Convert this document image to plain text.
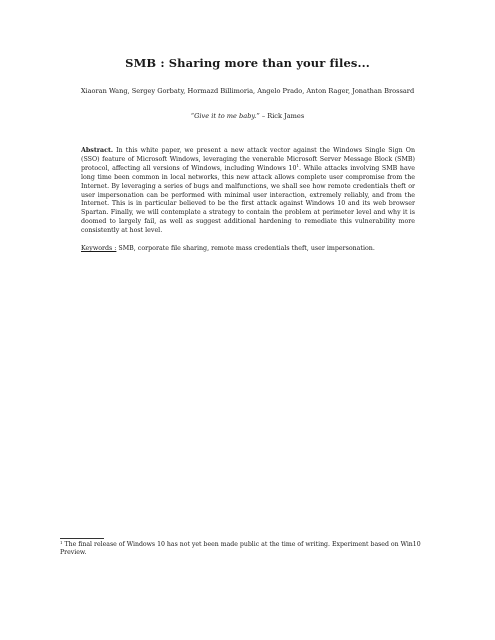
SMB : Sharing more than your files...
Xiaoran Wang, Sergey Gorbaty, Hormazd Billimoria, Angelo Prado, Anton Rager, Jonathan Brossard
“Give it to me baby.” – Rick James

Abstract. In this white paper, we present a new attack vector against the Windows Single Sign On (SSO) feature of Microsoft Windows, leveraging the venerable Microsoft Server Message Block (SMB) protocol, affecting all versions of Windows, including Windows $10^1$. While attacks involving SMB have long time been common in local networks, this new attack allows complete user compromise from the Internet. By leveraging a series of bugs and malfunctions, we shall see how remote credentials theft or user impersonation can be performed with minimal user interaction, extremely reliably, and from the Internet. This is in particular believed to be the first attack against Windows 10 and its web browser Spartan. Finally, we will contemplate a strategy to contain the problem at perimeter level and why it is doomed to largely fail, as well as suggest additional hardening to remediate this vulnerability more consistently at host level.

Keywords : SMB, corporate file sharing, remote mass credentials theft, user impersonation.

$^1$ The final release of Windows 10 has not yet been made public at the time of writing. Experiment based on Win10 Preview.
